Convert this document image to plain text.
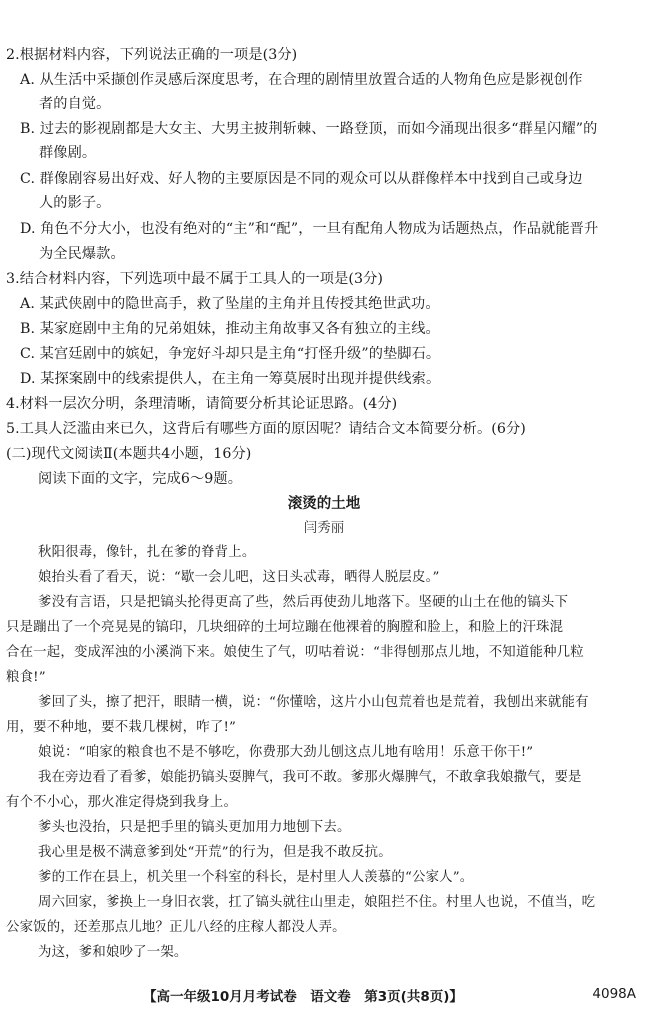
2.根据材料内容，下列说法正确的一项是(3分)
A. 从生活中采撷创作灵感后深度思考，在合理的剧情里放置合适的人物角色应是影视创作
者的自觉。
B. 过去的影视剧都是大女主、大男主披荆斩棘、一路登顶，而如今涌现出很多“群星闪耀”的
群像剧。
C. 群像剧容易出好戏、好人物的主要原因是不同的观众可以从群像样本中找到自己或身边
人的影子。
D. 角色不分大小，也没有绝对的“主”和“配”，一旦有配角人物成为话题热点，作品就能晋升
为全民爆款。
3.结合材料内容，下列选项中最不属于工具人的一项是(3分)
A. 某武侠剧中的隐世高手，救了坠崖的主角并且传授其绝世武功。
B. 某家庭剧中主角的兄弟姐妹，推动主角故事又各有独立的主线。
C. 某宫廷剧中的嫔妃，争宠好斗却只是主角“打怪升级”的垫脚石。
D. 某探案剧中的线索提供人，在主角一筹莫展时出现并提供线索。
4.材料一层次分明，条理清晰，请简要分析其论证思路。(4分)
5.工具人泛滥由来已久，这背后有哪些方面的原因呢？请结合文本简要分析。(6分)
(二)现代文阅读Ⅱ(本题共4小题，16分)
阅读下面的文字，完成6～9题。
滚烫的土地
闫秀丽
秋阳很毒，像针，扎在爹的脊背上。
娘抬头看了看天，说：“歇一会儿吧，这日头忒毒，晒得人脱层皮。”
爹没有言语，只是把镐头抡得更高了些，然后再使劲儿地落下。坚硬的山土在他的镐头下
只是蹦出了一个亮晃晃的镐印，几块细碎的土坷垃蹦在他裸着的胸膛和脸上，和脸上的汗珠混
合在一起，变成浑浊的小溪淌下来。娘使生了气，叨咕着说：“非得刨那点儿地，不知道能种几粒
粮食!”
爹回了头，擦了把汗，眼睛一横，说：“你懂啥，这片小山包荒着也是荒着，我刨出来就能有
用，要不种地，要不栽几棵树，咋了!”
娘说：“咱家的粮食也不是不够吃，你费那大劲儿刨这点儿地有啥用！乐意干你干!”
我在旁边看了看爹，娘能扔镐头耍脾气，我可不敢。爹那火爆脾气，不敢拿我娘撒气，要是
有个不小心，那火准定得烧到我身上。
爹头也没抬，只是把手里的镐头更加用力地刨下去。
我心里是极不满意爹到处“开荒”的行为，但是我不敢反抗。
爹的工作在县上，机关里一个科室的科长，是村里人人羡慕的“公家人”。
周六回家，爹换上一身旧衣裳，扛了镐头就往山里走，娘阻拦不住。村里人也说，不值当，吃
公家饭的，还差那点儿地？正儿八经的庄稼人都没人弄。
为这，爹和娘吵了一架。
【高一年级10月月考试卷　语文卷　第3页(共8页)】	4098A
